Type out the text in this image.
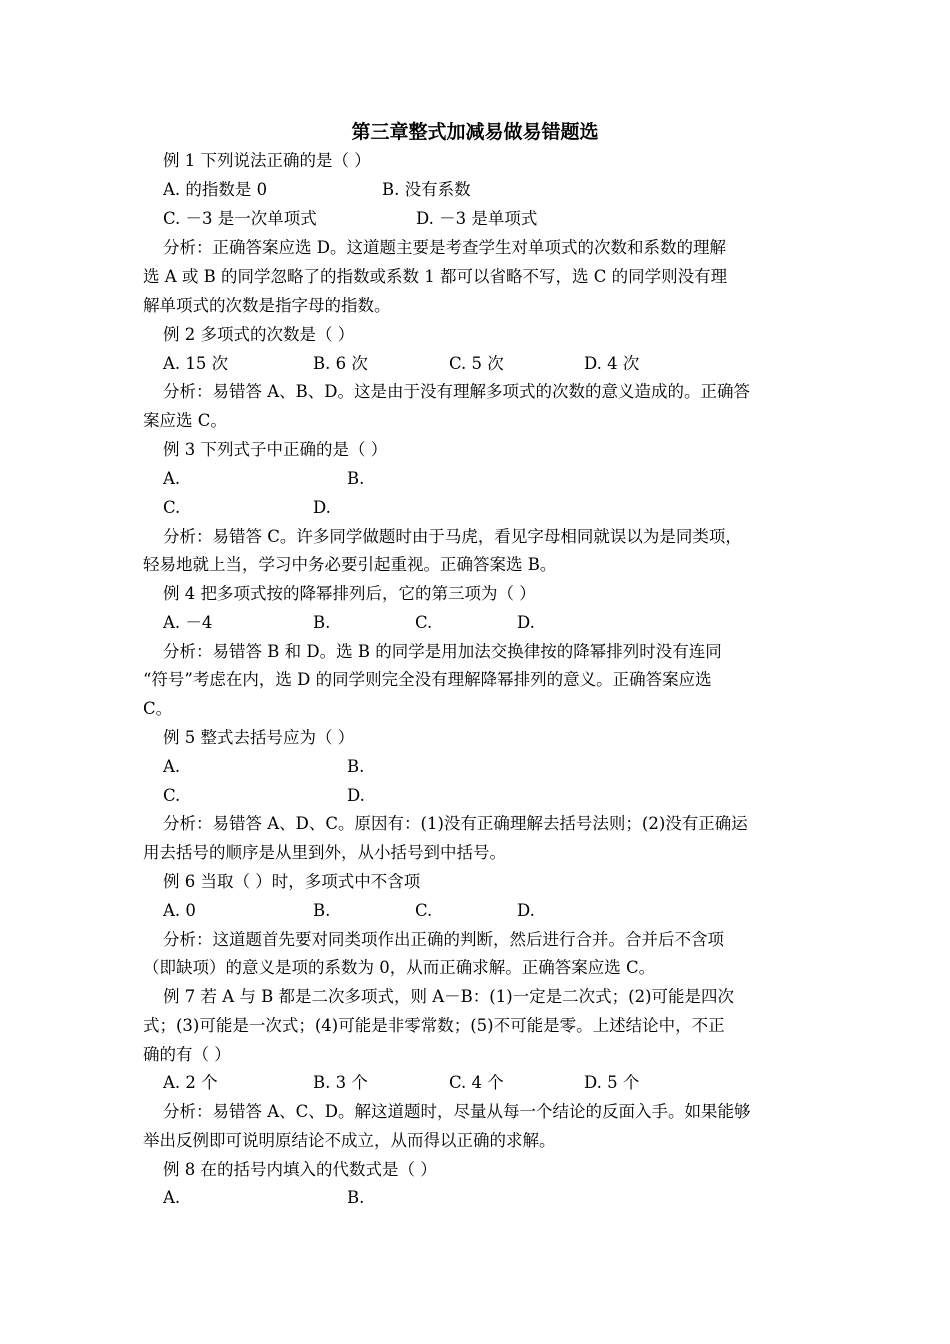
第三章整式加减易做易错题选
例 1 下列说法正确的是（ ）
A. 的指数是 0	B. 没有系数
C. －3 是一次单项式	D. －3 是单项式
分析：正确答案应选 D。这道题主要是考查学生对单项式的次数和系数的理解
选 A 或 B 的同学忽略了的指数或系数 1 都可以省略不写，选 C 的同学则没有理
解单项式的次数是指字母的指数。
例 2 多项式的次数是（ ）
A. 15 次	B. 6 次	C. 5 次	D. 4 次
分析：易错答 A、B、D。这是由于没有理解多项式的次数的意义造成的。正确答
案应选 C。
例 3 下列式子中正确的是（ ）
A.	B.
C.	D.
分析：易错答 C。许多同学做题时由于马虎，看见字母相同就误以为是同类项，
轻易地就上当，学习中务必要引起重视。正确答案选 B。
例 4 把多项式按的降幂排列后，它的第三项为（ ）
A. －4	B.	C.	D.
分析：易错答 B 和 D。选 B 的同学是用加法交换律按的降幂排列时没有连同
“符号”考虑在内，选 D 的同学则完全没有理解降幂排列的意义。正确答案应选
C。
例 5 整式去括号应为（ ）
A.	B.
C.	D.
分析：易错答 A、D、C。原因有：(1)没有正确理解去括号法则；(2)没有正确运
用去括号的顺序是从里到外，从小括号到中括号。
例 6 当取（ ）时，多项式中不含项
A. 0	B.	C.	D.
分析：这道题首先要对同类项作出正确的判断，然后进行合并。合并后不含项
（即缺项）的意义是项的系数为 0，从而正确求解。正确答案应选 C。
例 7 若 A 与 B 都是二次多项式，则 A－B：(1)一定是二次式；(2)可能是四次
式；(3)可能是一次式；(4)可能是非零常数；(5)不可能是零。上述结论中，不正
确的有（ ）
A. 2 个	B. 3 个	C. 4 个	D. 5 个
分析：易错答 A、C、D。解这道题时，尽量从每一个结论的反面入手。如果能够
举出反例即可说明原结论不成立，从而得以正确的求解。
例 8 在的括号内填入的代数式是（ ）
A.	B.
